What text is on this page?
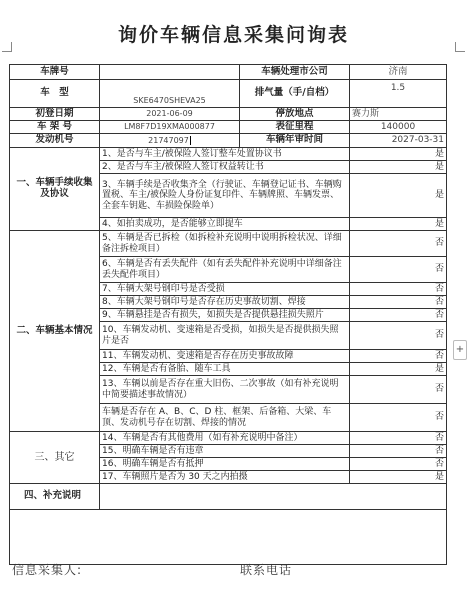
询价车辆信息采集问询表
车牌号		车辆处理市公司	济南
车　型	SKE6470SHEVA25	排气量（手/自档）	1.5
初登日期	2021-06-09	停放地点	赛力斯
车 架 号	LM8F7D19XMA000877	表征里程	140000
发动机号	21747097	车辆年审时间	2027-03-31
一、车辆手续收集及协议	1、是否与车主/被保险人签订整车处置协议书		是
	2、是否与车主/被保险人签订权益转让书		是
	3、车辆手续是否收集齐全（行驶证、车辆登记证书、车辆购置税、车主/被保险人身份证复印件、车辆牌照、车辆发票、全套车钥匙、车损险保险单）		是
	4、如拍卖成功，是否能够立即提车		是
二、车辆基本情况	5、车辆是否已拆检（如拆检补充说明中说明拆检状况、详细备注拆检项目）		否
	6、车辆是否有丢失配件（如有丢失配件补充说明中详细备注丢失配件项目）		否
	7、车辆大架号钢印号是否受损		否
	8、车辆大架号钢印号是否存在历史事故切割、焊接		否
	9、车辆悬挂是否有损失，如损失是否提供悬挂损失照片		否
	10、车辆发动机、变速箱是否受损，如损失是否提供损失照片是否		否
	11、车辆发动机、变速箱是否存在历史事故故障		否
	12、车辆是否有备胎、随车工具		是
	13、车辆以前是否存在重大旧伤、二次事故（如有补充说明中简要描述事故情况）		否
	车辆是否存在 A、B、C、D 柱、框架、后备箱、大梁、车顶、发动机号存在切割、焊接的情况		否
三、其它	14、车辆是否有其他费用（如有补充说明中备注）		否
	15、明确车辆是否有违章		否
	16、明确车辆是否有抵押		否
	17、车辆照片是否为 30 天之内拍摄		是
四、补充说明			

信息采集人:	联系电话
+
